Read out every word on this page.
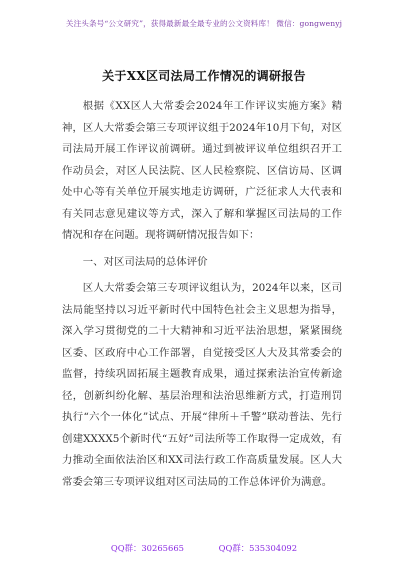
关注头条号“公文研究”，获得最新最全最专业的公文资料库！ 微信：gongwenyj
关于XX区司法局工作情况的调研报告

根据《XX区人大常委会2024年工作评议实施方案》精神，区人大常委会第三专项评议组于2024年10月下旬，对区司法局开展工作评议前调研。通过到被评议单位组织召开工作动员会，对区人民法院、区人民检察院、区信访局、区调处中心等有关单位开展实地走访调研，广泛征求人大代表和有关同志意见建议等方式，深入了解和掌握区司法局的工作情况和存在问题。现将调研情况报告如下：

一、对区司法局的总体评价

区人大常委会第三专项评议组认为，2024年以来，区司法局能坚持以习近平新时代中国特色社会主义思想为指导，深入学习贯彻党的二十大精神和习近平法治思想，紧紧围绕区委、区政府中心工作部署，自觉接受区人大及其常委会的监督，持续巩固拓展主题教育成果，通过探索法治宣传新途径，创新纠纷化解、基层治理和法治思维新方式，打造刑罚执行“六个一体化”试点、开展“律所＋千警”联动普法、先行创建XXXX5个新时代“五好”司法所等工作取得一定成效，有力推动全面依法治区和XX司法行政工作高质量发展。区人大常委会第三专项评议组对区司法局的工作总体评价为满意。

QQ群：30265665	QQ群：535304092
